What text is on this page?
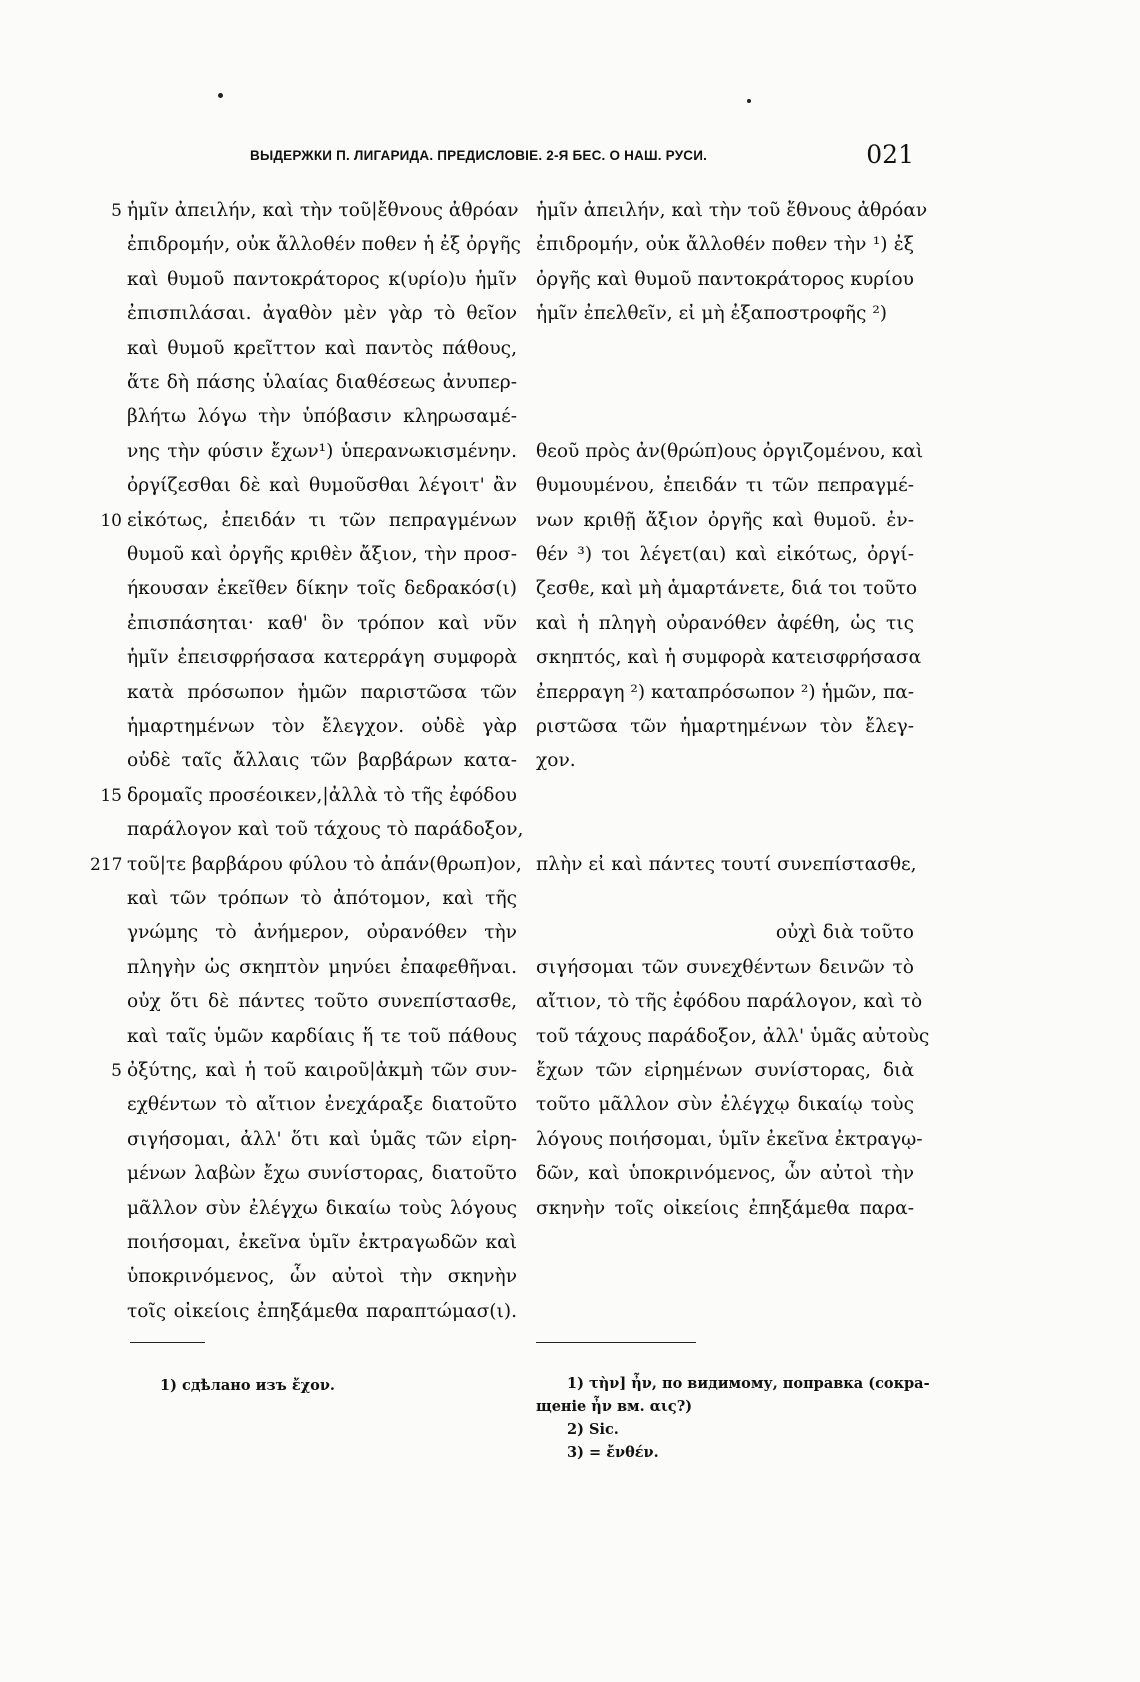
ВЫДЕРЖКИ П. ЛИГАРИДА. ПРЕДИСЛОВІЕ. 2-Я БЕС. О НАШ. РУСИ.	021
ἡμῖν ἀπειλήν, καὶ τὴν τοῦ|ἔθνους ἀθρόαν
ἐπιδρομήν, οὐκ ἄλλοθέν ποθεν ἡ ἐξ ὀργῆς
καὶ θυμοῦ παντοκράτορος κ(υρίο)υ ἡμῖν
ἐπισπιλάσαι. ἀγαθὸν μὲν γὰρ τὸ θεῖον
καὶ θυμοῦ κρεῖττον καὶ παντὸς πάθους,
ἅτε δὴ πάσης ὑλαίας διαθέσεως ἀνυπερ-
βλήτω λόγω τὴν ὑπόβασιν κληρωσαμέ-
νης τὴν φύσιν ἔχων¹) ὑπερανωκισμένην.
ὀργίζεσθαι δὲ καὶ θυμοῦσθαι λέγοιτ' ἂν
εἰκότως, ἐπειδάν τι τῶν πεπραγμένων
θυμοῦ καὶ ὀργῆς κριθὲν ἄξιον, τὴν προσ-
ήκουσαν ἐκεῖθεν δίκην τοῖς δεδρακόσ(ι)
ἐπισπάσηται· καθ' ὃν τρόπον καὶ νῦν
ἡμῖν ἐπεισφρήσασα κατερράγη συμφορὰ
κατὰ πρόσωπον ἡμῶν παριστῶσα τῶν
ἡμαρτημένων τὸν ἔλεγχον. οὐδὲ γὰρ
οὐδὲ ταῖς ἄλλαις τῶν βαρβάρων κατα-
δρομαῖς προσέοικεν,|ἀλλὰ τὸ τῆς ἐφόδου
παράλογον καὶ τοῦ τάχους τὸ παράδοξον,
τοῦ|τε βαρβάρου φύλου τὸ ἀπάν(θρωπ)ον,
καὶ τῶν τρόπων τὸ ἀπότομον, καὶ τῆς
γνώμης τὸ ἀνήμερον, οὐρανόθεν τὴν
πληγὴν ὡς σκηπτὸν μηνύει ἐπαφεθῆναι.
οὐχ ὅτι δὲ πάντες τοῦτο συνεπίστασθε,
καὶ ταῖς ὑμῶν καρδίαις ἥ τε τοῦ πάθους
ὀξύτης, καὶ ἡ τοῦ καιροῦ|ἀκμὴ τῶν συν-
εχθέντων τὸ αἴτιον ἐνεχάραξε διατοῦτο
σιγήσομαι, ἀλλ' ὅτι καὶ ὑμᾶς τῶν εἰρη-
μένων λαβὼν ἔχω συνίστορας, διατοῦτο
μᾶλλον σὺν ἐλέγχω δικαίω τοὺς λόγους
ποιήσομαι, ἐκεῖνα ὑμῖν ἐκτραγωδῶν καὶ
ὑποκρινόμενος, ὧν αὐτοὶ τὴν σκηνὴν
τοῖς οἰκείοις ἐπηξάμεθα παραπτώμασ(ι).
5
10
15
217
5
ἡμῖν ἀπειλήν, καὶ τὴν τοῦ ἔθνους ἀθρόαν
ἐπιδρομήν, οὐκ ἄλλοθέν ποθεν τὴν ¹) ἐξ
ὀργῆς καὶ θυμοῦ παντοκράτορος κυρίου
ἡμῖν ἐπελθεῖν, εἰ μὴ ἐξαποστροφῆς ²)
θεοῦ πρὸς ἀν(θρώπ)ους ὀργιζομένου, καὶ
θυμουμένου, ἐπειδάν τι τῶν πεπραγμέ-
νων κριθῇ ἄξιον ὀργῆς καὶ θυμοῦ. ἐν-
θέν ³) τοι λέγετ(αι) καὶ εἰκότως, ὀργί-
ζεσθε, καὶ μὴ ἁμαρτάνετε, διά τοι τοῦτο
καὶ ἡ πληγὴ οὐρανόθεν ἀφέθη, ὡς τις
σκηπτός, καὶ ἡ συμφορὰ κατεισφρήσασα
ἐπερραγη ²) καταπρόσωπον ²) ἡμῶν, πα-
ριστῶσα τῶν ἡμαρτημένων τὸν ἔλεγ-
χον.
πλὴν εἰ καὶ πάντες τουτί συνεπίστασθε,
οὐχὶ διὰ τοῦτο
σιγήσομαι τῶν συνεχθέντων δεινῶν τὸ
αἴτιον, τὸ τῆς ἐφόδου παράλογον, καὶ τὸ
τοῦ τάχους παράδοξον, ἀλλ' ὑμᾶς αὐτοὺς
ἔχων τῶν εἰρημένων συνίστορας, διὰ
τοῦτο μᾶλλον σὺν ἐλέγχῳ δικαίῳ τοὺς
λόγους ποιήσομαι, ὑμῖν ἐκεῖνα ἐκτραγῳ-
δῶν, καὶ ὑποκρινόμενος, ὧν αὐτοὶ τὴν
σκηνὴν τοῖς οἰκείοις ἐπηξάμεθα παρα-
1) сдѣлано изъ ἔχον.	1) τὴν] ἦν, по видимому, поправка (сокра-
щеніе ἦν вм. αις?)
2) Sic.
3) = ἔνθέν.
